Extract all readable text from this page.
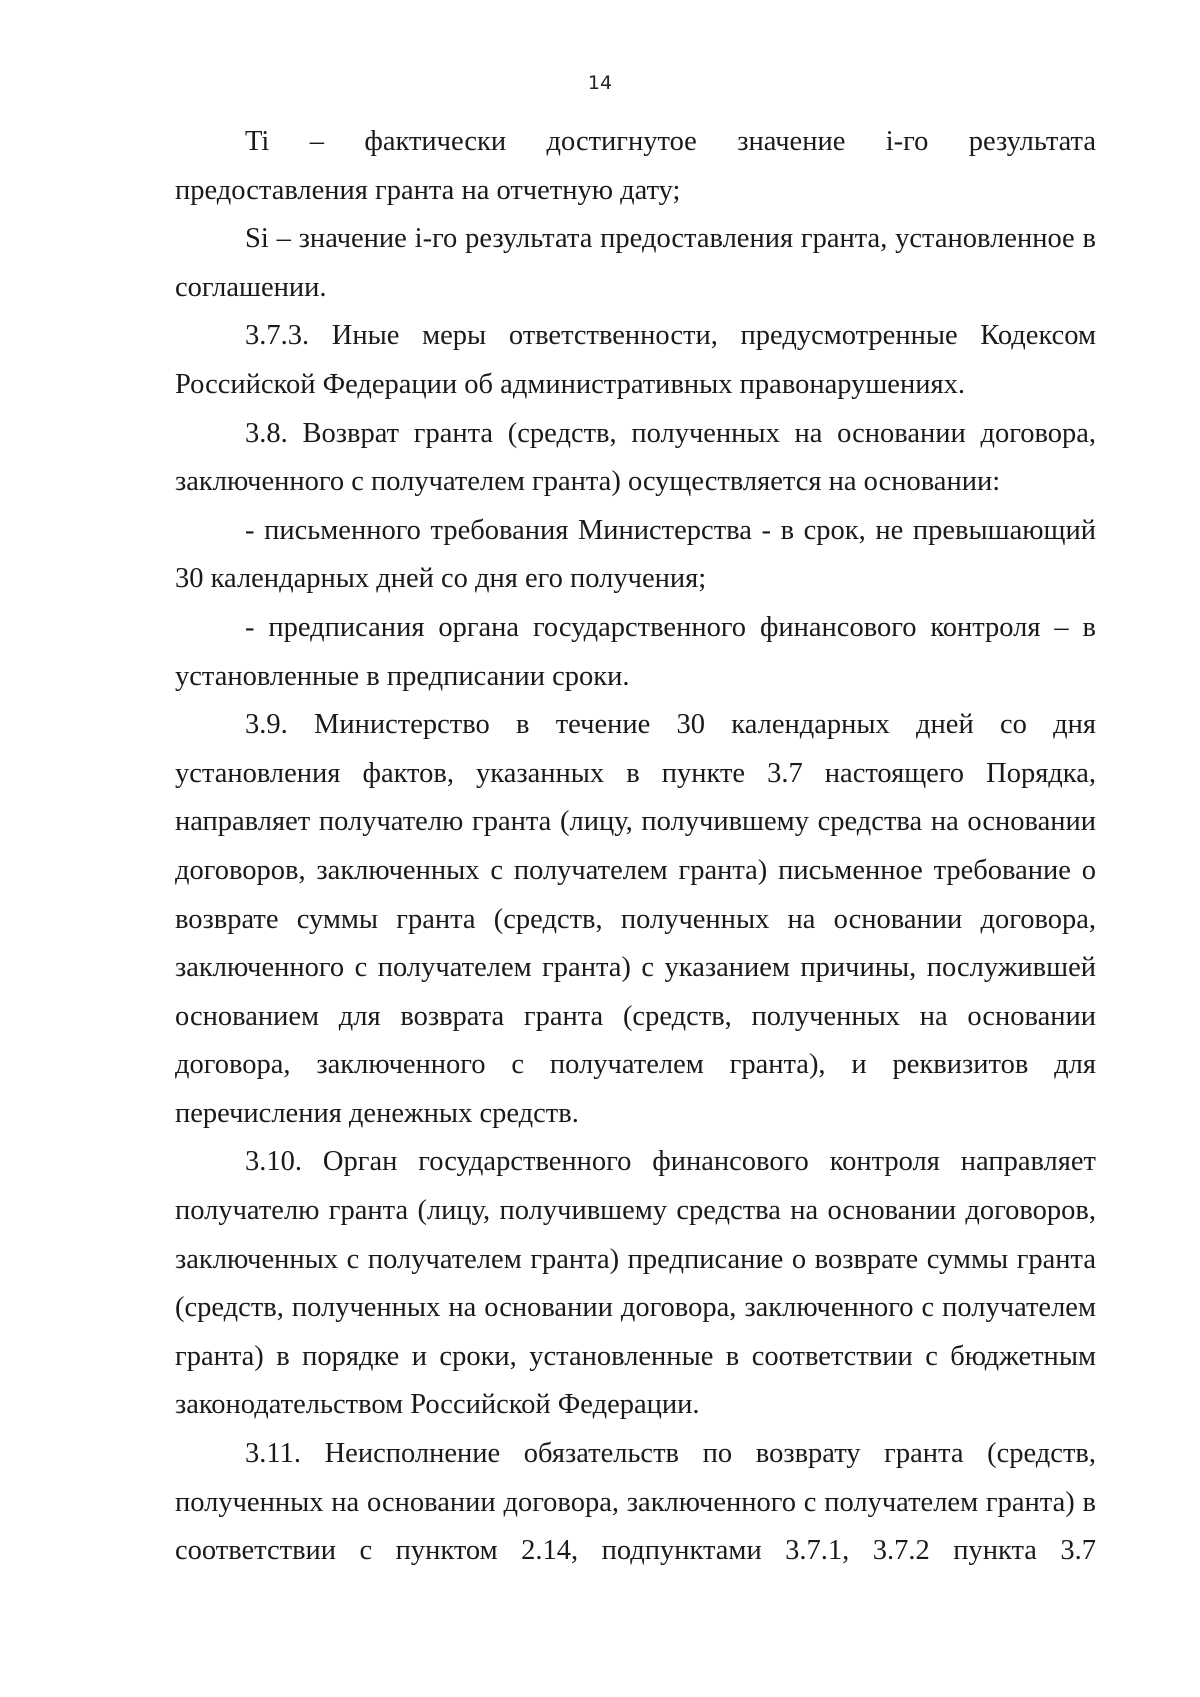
14

Ti – фактически достигнутое значение i-го результата предоставления гранта на отчетную дату;

Si – значение i-го результата предоставления гранта, установленное в соглашении.

3.7.3. Иные меры ответственности, предусмотренные Кодексом Российской Федерации об административных правонарушениях.

3.8. Возврат гранта (средств, полученных на основании договора, заключенного с получателем гранта) осуществляется на основании:

- письменного требования Министерства - в срок, не превышающий 30 календарных дней со дня его получения;

- предписания органа государственного финансового контроля – в установленные в предписании сроки.

3.9. Министерство в течение 30 календарных дней со дня установления фактов, указанных в пункте 3.7 настоящего Порядка, направляет получателю гранта (лицу, получившему средства на основании договоров, заключенных с получателем гранта) письменное требование о возврате суммы гранта (средств, полученных на основании договора, заключенного с получателем гранта) с указанием причины, послужившей основанием для возврата гранта (средств, полученных на основании договора, заключенного с получателем гранта), и реквизитов для перечисления денежных средств.

3.10. Орган государственного финансового контроля направляет получателю гранта (лицу, получившему средства на основании договоров, заключенных с получателем гранта) предписание о возврате суммы гранта (средств, полученных на основании договора, заключенного с получателем гранта) в порядке и сроки, установленные в соответствии с бюджетным законодательством Российской Федерации.

3.11. Неисполнение обязательств по возврату гранта (средств, полученных на основании договора, заключенного с получателем гранта) в соответствии с пунктом 2.14, подпунктами 3.7.1, 3.7.2 пункта 3.7
